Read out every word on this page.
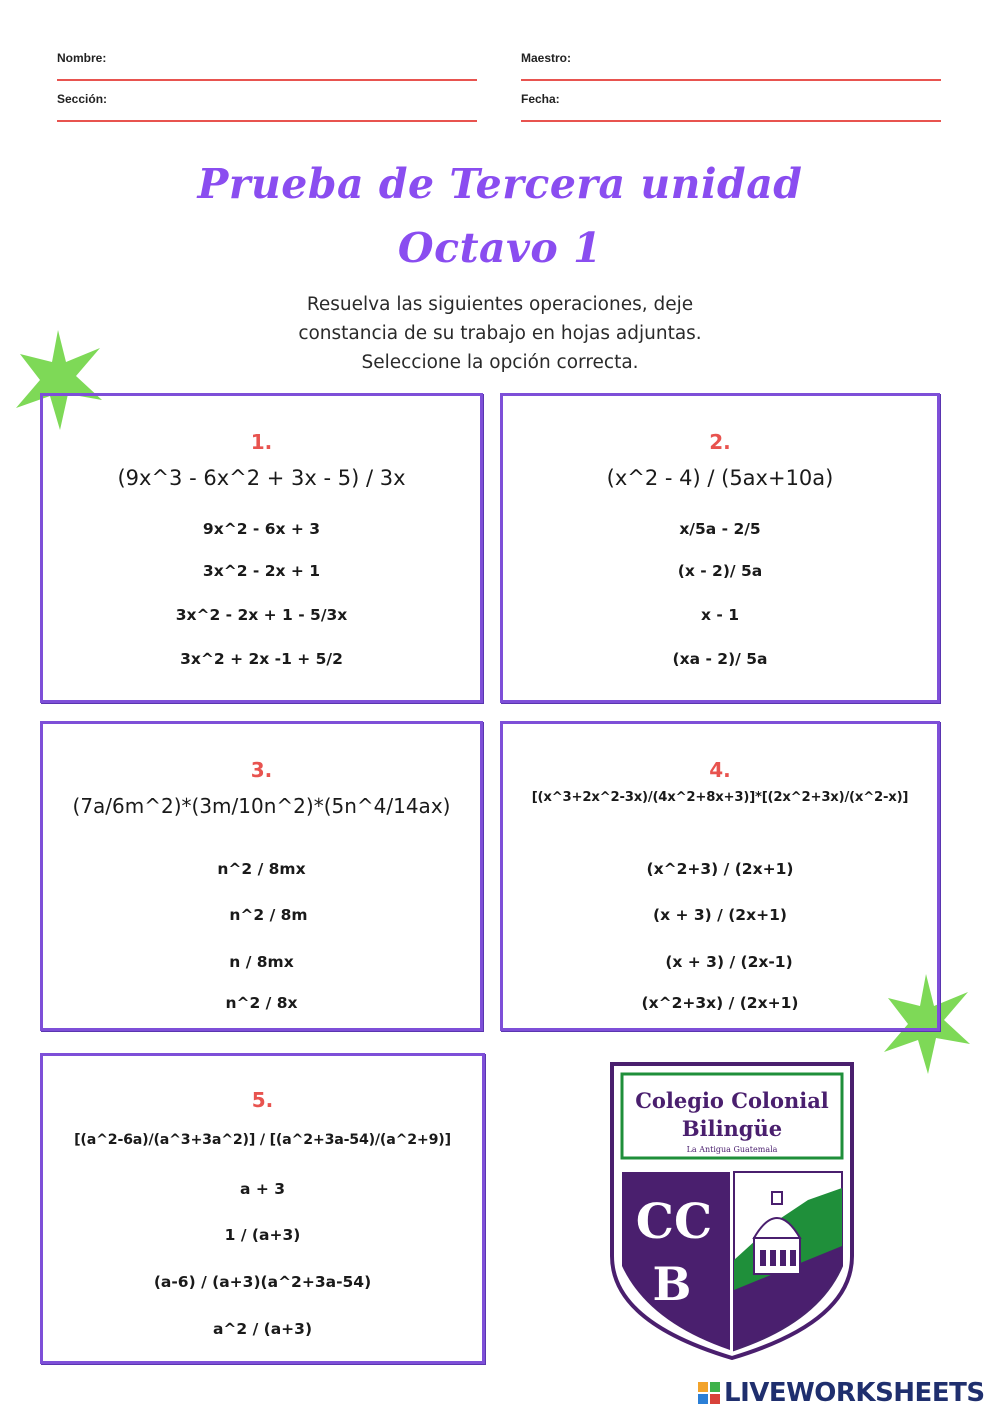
Nombre:	Maestro:
Sección:	Fecha:
Prueba de Tercera unidad
Octavo 1
Resuelva las siguientes operaciones, deje
constancia de su trabajo en hojas adjuntas.
Seleccione la opción correcta.
1.
(9x^3 - 6x^2 + 3x - 5) / 3x
9x^2 - 6x + 3
3x^2 - 2x + 1
3x^2 - 2x + 1 - 5/3x
3x^2 + 2x -1 + 5/2
2.
(x^2 - 4) / (5ax+10a)
x/5a - 2/5
(x - 2)/ 5a
x - 1
(xa - 2)/ 5a
3.
(7a/6m^2)*(3m/10n^2)*(5n^4/14ax)
n^2 / 8mx
n^2 / 8m
n / 8mx
n^2 / 8x
4.
[(x^3+2x^2-3x)/(4x^2+8x+3)]*[(2x^2+3x)/(x^2-x)]
(x^2+3) / (2x+1)
(x + 3) / (2x+1)
(x + 3) / (2x-1)
(x^2+3x) / (2x+1)
5.
[(a^2-6a)/(a^3+3a^2)] / [(a^2+3a-54)/(a^2+9)]
a + 3
1 / (a+3)
(a-6) / (a+3)(a^2+3a-54)
a^2 / (a+3)
Colegio Colonial
Bilingüe
La Antigua Guatemala
CC
B
LIVEWORKSHEETS
